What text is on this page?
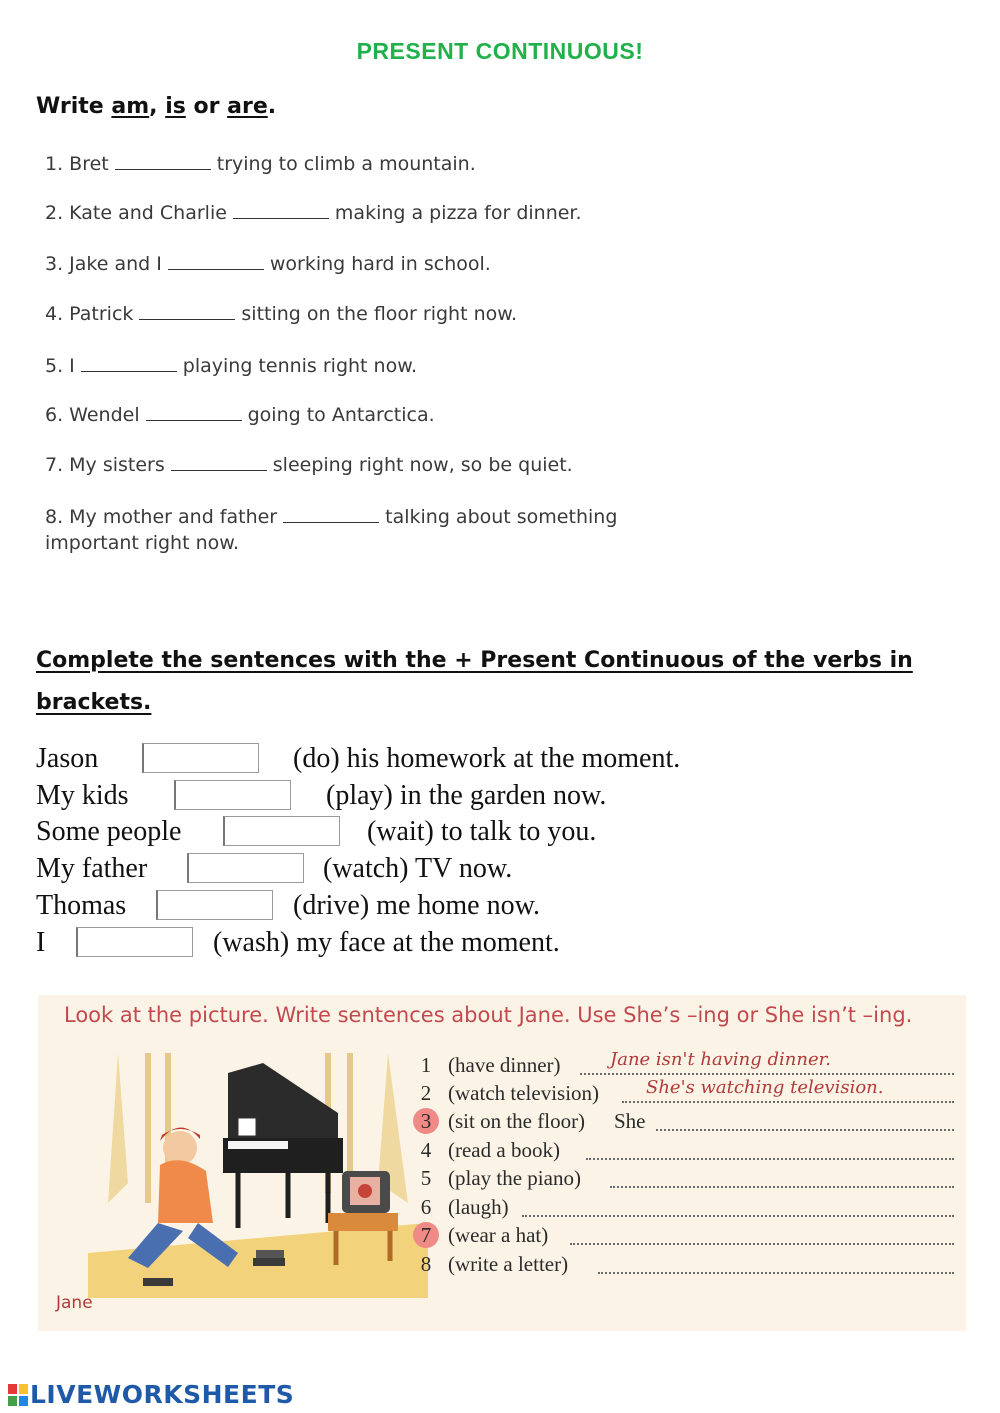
PRESENT CONTINUOUS!
Write am, is or are.
1. Bret	trying to climb a mountain.
2. Kate and Charlie	making a pizza for dinner.
3. Jake and I	working hard in school.
4. Patrick	sitting on the floor right now.
5. I	playing tennis right now.
6. Wendel	going to Antarctica.
7. My sisters	sleeping right now, so be quiet.
8. My mother and father	talking about something
important right now.
Complete the sentences with the + Present Continuous of the verbs in brackets.
Jason	(do) his homework at the moment.
My kids	(play) in the garden now.
Some people	(wait) to talk to you.
My father	(watch) TV now.
Thomas	(drive) me home now.
I	(wash) my face at the moment.
Look at the picture. Write sentences about Jane. Use She’s –ing or She isn’t –ing.
Jane
1 (have dinner)	Jane isn't having dinner.
2 (watch television)	She's watching television.
3 (sit on the floor) She
4 (read a book)
5 (play the piano)
6 (laugh)
7 (wear a hat)
8 (write a letter)
LIVEWORKSHEETS
